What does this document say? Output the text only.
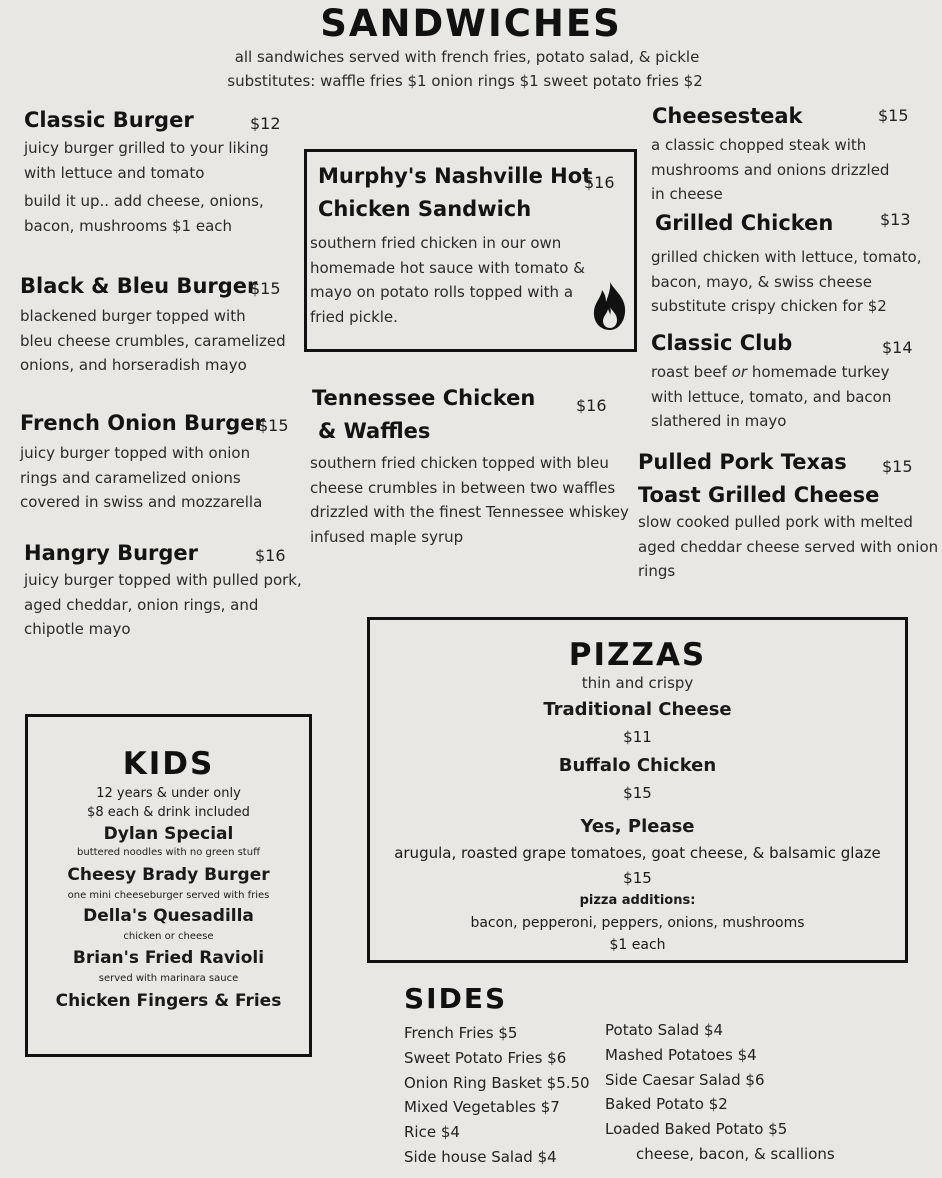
SANDWICHES
all sandwiches served with french fries, potato salad, & pickle
substitutes: waffle fries $1 onion rings $1 sweet potato fries $2
Classic Burger	$12
juicy burger grilled to your liking
with lettuce and tomato
build it up.. add cheese, onions,
bacon, mushrooms $1 each
Black & Bleu Burger
$15
blackened burger topped with
bleu cheese crumbles, caramelized
onions, and horseradish mayo
French Onion Burger
$15
juicy burger topped with onion
rings and caramelized onions
covered in swiss and mozzarella
Hangry Burger	$16
juicy burger topped with pulled pork,
aged cheddar, onion rings, and
chipotle mayo
Murphy's Nashville Hot
Chicken Sandwich
$16
southern fried chicken in our own
homemade hot sauce with tomato &
mayo on potato rolls topped with a
fried pickle.
Tennessee Chicken
& Waffles
$16
southern fried chicken topped with bleu
cheese crumbles in between two waffles
drizzled with the finest Tennessee whiskey
infused maple syrup
Cheesesteak	$15
a classic chopped steak with
mushrooms and onions drizzled
in cheese
Grilled Chicken	$13
grilled chicken with lettuce, tomato,
bacon, mayo, & swiss cheese
substitute crispy chicken for $2
Classic Club	$14
roast beef or homemade turkey
with lettuce, tomato, and bacon
slathered in mayo
Pulled Pork Texas
Toast Grilled Cheese
$15
slow cooked pulled pork with melted
aged cheddar cheese served with onion
rings
PIZZAS
thin and crispy
Traditional Cheese
$11
Buffalo Chicken
$15
Yes, Please
arugula, roasted grape tomatoes, goat cheese, & balsamic glaze
$15
pizza additions:
bacon, pepperoni, peppers, onions, mushrooms
$1 each
KIDS
12 years & under only
$8 each & drink included
Dylan Special
buttered noodles with no green stuff
Cheesy Brady Burger
one mini cheeseburger served with fries
Della's Quesadilla
chicken or cheese
Brian's Fried Ravioli
served with marinara sauce
Chicken Fingers & Fries	SIDES
French Fries $5
Sweet Potato Fries $6
Onion Ring Basket $5.50
Mixed Vegetables $7
Rice $4
Side house Salad $4
Potato Salad $4
Mashed Potatoes $4
Side Caesar Salad $6
Baked Potato $2
Loaded Baked Potato $5
cheese, bacon, & scallions
